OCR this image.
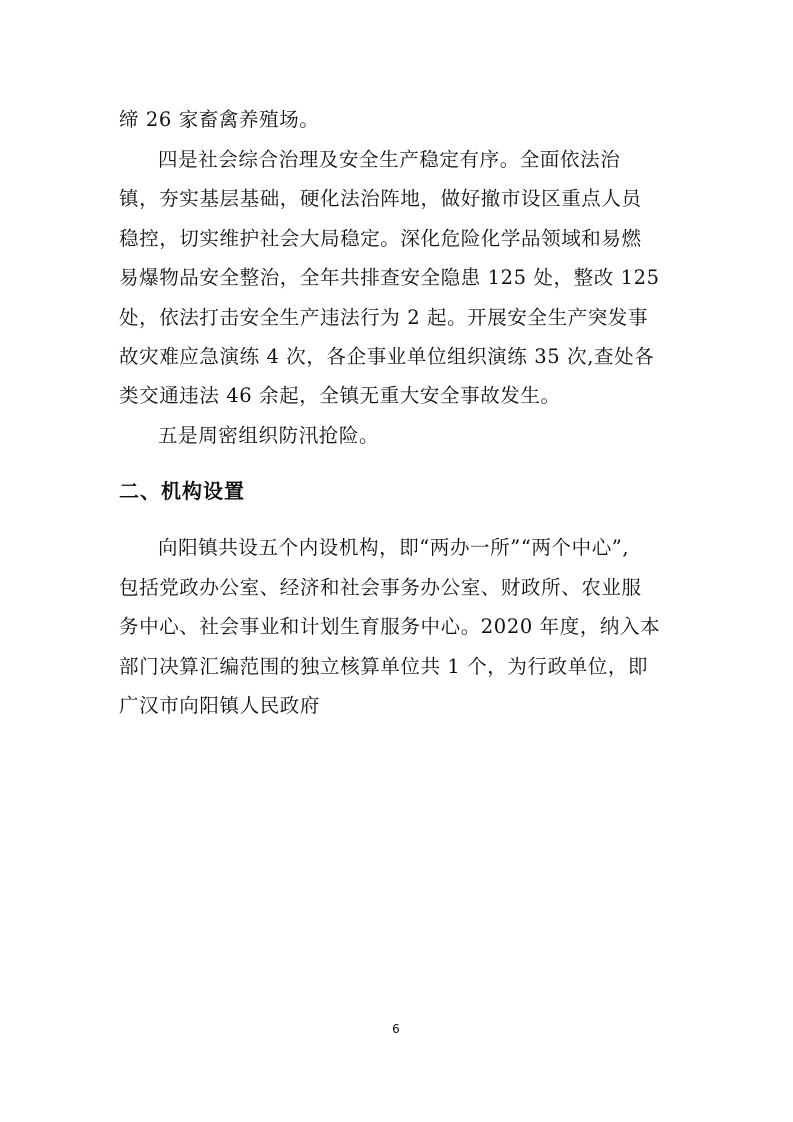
缔 26 家畜禽养殖场。
四是社会综合治理及安全生产稳定有序。全面依法治
镇，夯实基层基础，硬化法治阵地，做好撤市设区重点人员
稳控，切实维护社会大局稳定。深化危险化学品领域和易燃
易爆物品安全整治，全年共排查安全隐患 125 处，整改 125
处，依法打击安全生产违法行为 2 起。开展安全生产突发事
故灾难应急演练 4 次，各企事业单位组织演练 35 次,查处各
类交通违法 46 余起，全镇无重大安全事故发生。
五是周密组织防汛抢险。
二、机构设置
向阳镇共设五个内设机构，即“两办一所”“两个中心”,
包括党政办公室、经济和社会事务办公室、财政所、农业服
务中心、社会事业和计划生育服务中心。2020 年度，纳入本
部门决算汇编范围的独立核算单位共 1 个，为行政单位，即
广汉市向阳镇人民政府
6
